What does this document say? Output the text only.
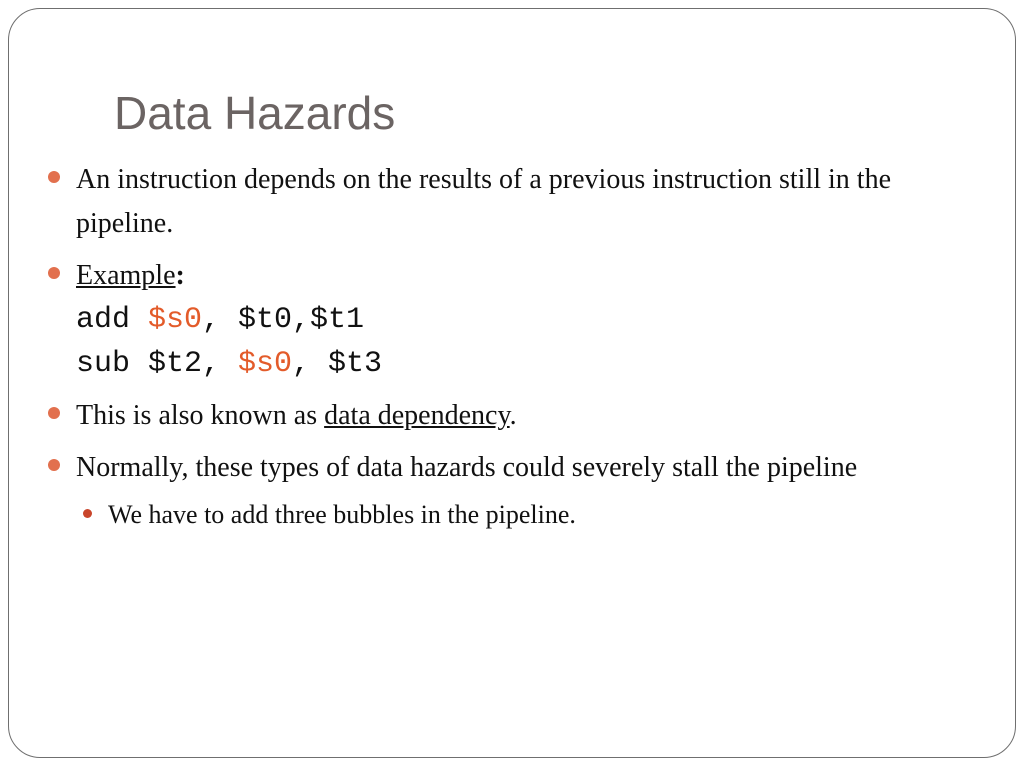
Data Hazards
An instruction depends on the results of a previous instruction still in the pipeline.
Example:
add $s0, $t0,$t1
sub $t2, $s0, $t3
This is also known as data dependency.
Normally, these types of data hazards could severely stall the pipeline
We have to add three bubbles in the pipeline.
